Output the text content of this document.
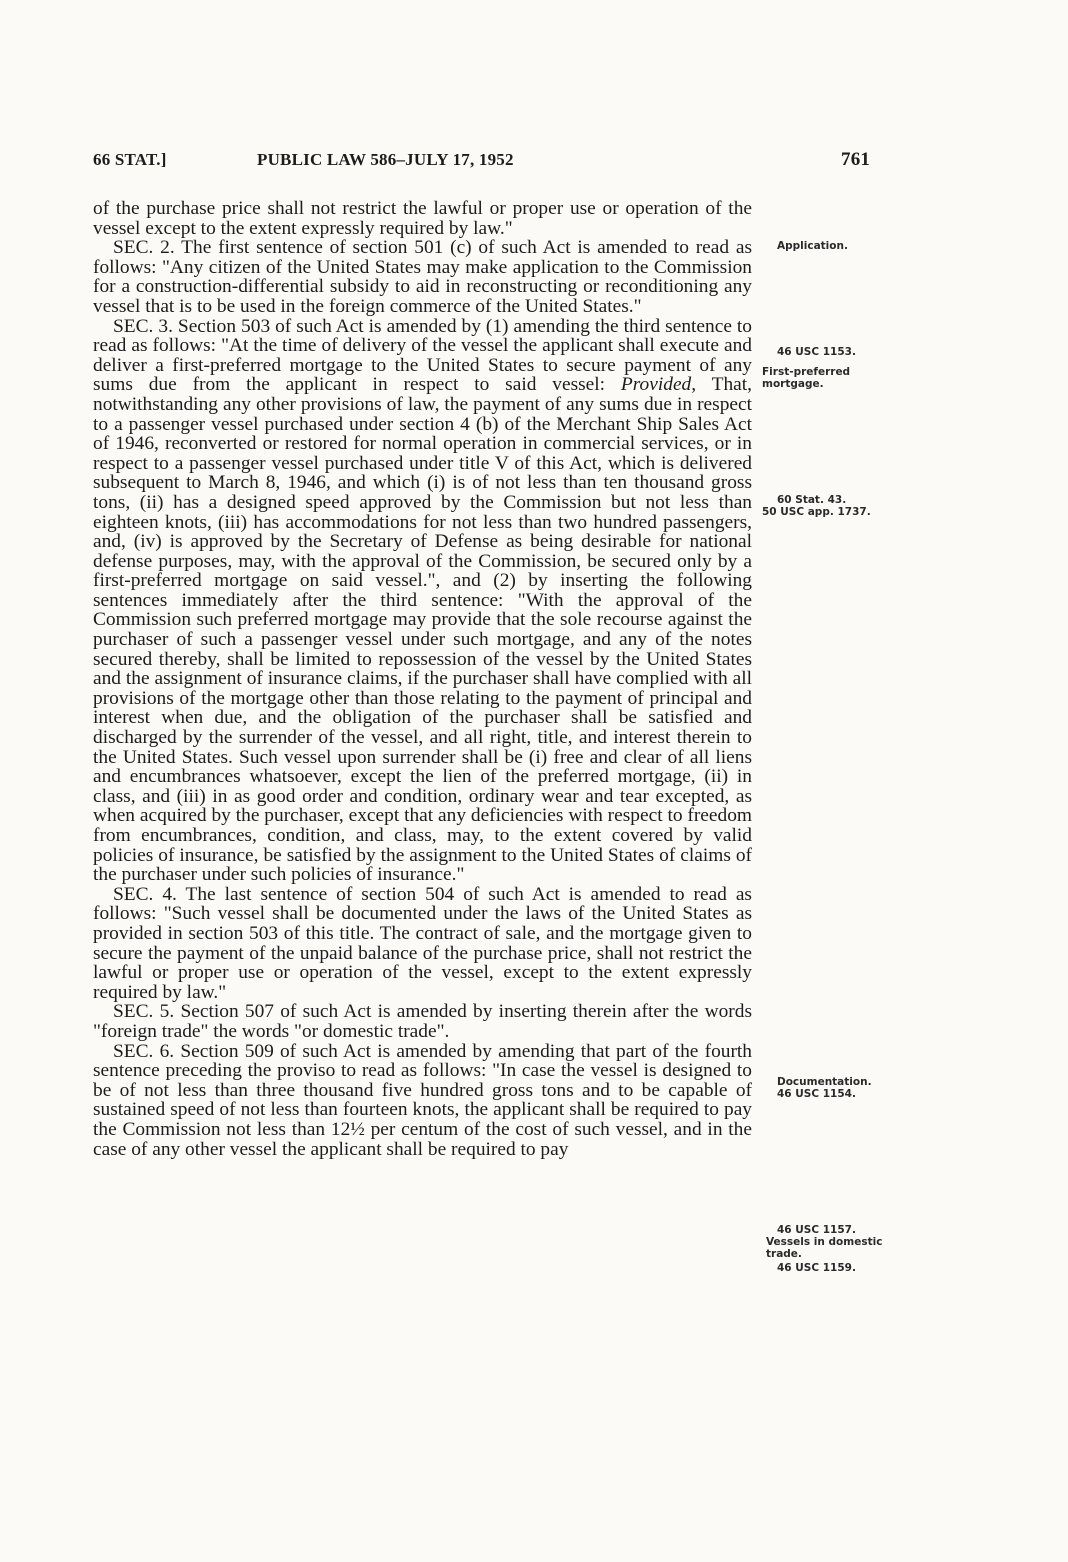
66 STAT.]	PUBLIC LAW 586–JULY 17, 1952	761

of the purchase price shall not restrict the lawful or proper use or operation of the vessel except to the extent expressly required by law."

SEC. 2. The first sentence of section 501 (c) of such Act is amended to read as follows: "Any citizen of the United States may make application to the Commission for a construction-differential subsidy to aid in reconstructing or reconditioning any vessel that is to be used in the foreign commerce of the United States."

SEC. 3. Section 503 of such Act is amended by (1) amending the third sentence to read as follows: "At the time of delivery of the vessel the applicant shall execute and deliver a first-preferred mortgage to the United States to secure payment of any sums due from the applicant in respect to said vessel: Provided, That, notwithstanding any other provisions of law, the payment of any sums due in respect to a passenger vessel purchased under section 4 (b) of the Merchant Ship Sales Act of 1946, reconverted or restored for normal operation in commercial services, or in respect to a passenger vessel purchased under title V of this Act, which is delivered subsequent to March 8, 1946, and which (i) is of not less than ten thousand gross tons, (ii) has a designed speed approved by the Commission but not less than eighteen knots, (iii) has accommodations for not less than two hundred passengers, and, (iv) is approved by the Secretary of Defense as being desirable for national defense purposes, may, with the approval of the Commission, be secured only by a first-preferred mortgage on said vessel.", and (2) by inserting the following sentences immediately after the third sentence: "With the approval of the Commission such preferred mortgage may provide that the sole recourse against the purchaser of such a passenger vessel under such mortgage, and any of the notes secured thereby, shall be limited to repossession of the vessel by the United States and the assignment of insurance claims, if the purchaser shall have complied with all provisions of the mortgage other than those relating to the payment of principal and interest when due, and the obligation of the purchaser shall be satisfied and discharged by the surrender of the vessel, and all right, title, and interest therein to the United States. Such vessel upon surrender shall be (i) free and clear of all liens and encumbrances whatsoever, except the lien of the preferred mortgage, (ii) in class, and (iii) in as good order and condition, ordinary wear and tear excepted, as when acquired by the purchaser, except that any deficiencies with respect to freedom from encumbrances, condition, and class, may, to the extent covered by valid policies of insurance, be satisfied by the assignment to the United States of claims of the purchaser under such policies of insurance."

SEC. 4. The last sentence of section 504 of such Act is amended to read as follows: "Such vessel shall be documented under the laws of the United States as provided in section 503 of this title. The contract of sale, and the mortgage given to secure the payment of the unpaid balance of the purchase price, shall not restrict the lawful or proper use or operation of the vessel, except to the extent expressly required by law."

SEC. 5. Section 507 of such Act is amended by inserting therein after the words "foreign trade" the words "or domestic trade".

SEC. 6. Section 509 of such Act is amended by amending that part of the fourth sentence preceding the proviso to read as follows: "In case the vessel is designed to be of not less than three thousand five hundred gross tons and to be capable of sustained speed of not less than fourteen knots, the applicant shall be required to pay the Commission not less than 12½ per centum of the cost of such vessel, and in the case of any other vessel the applicant shall be required to pay

Application.
46 USC 1153.
First-preferred mortgage.
60 Stat. 43.
50 USC app. 1737.
Documentation.
46 USC 1154.
46 USC 1157.
Vessels in domestic trade.
46 USC 1159.
